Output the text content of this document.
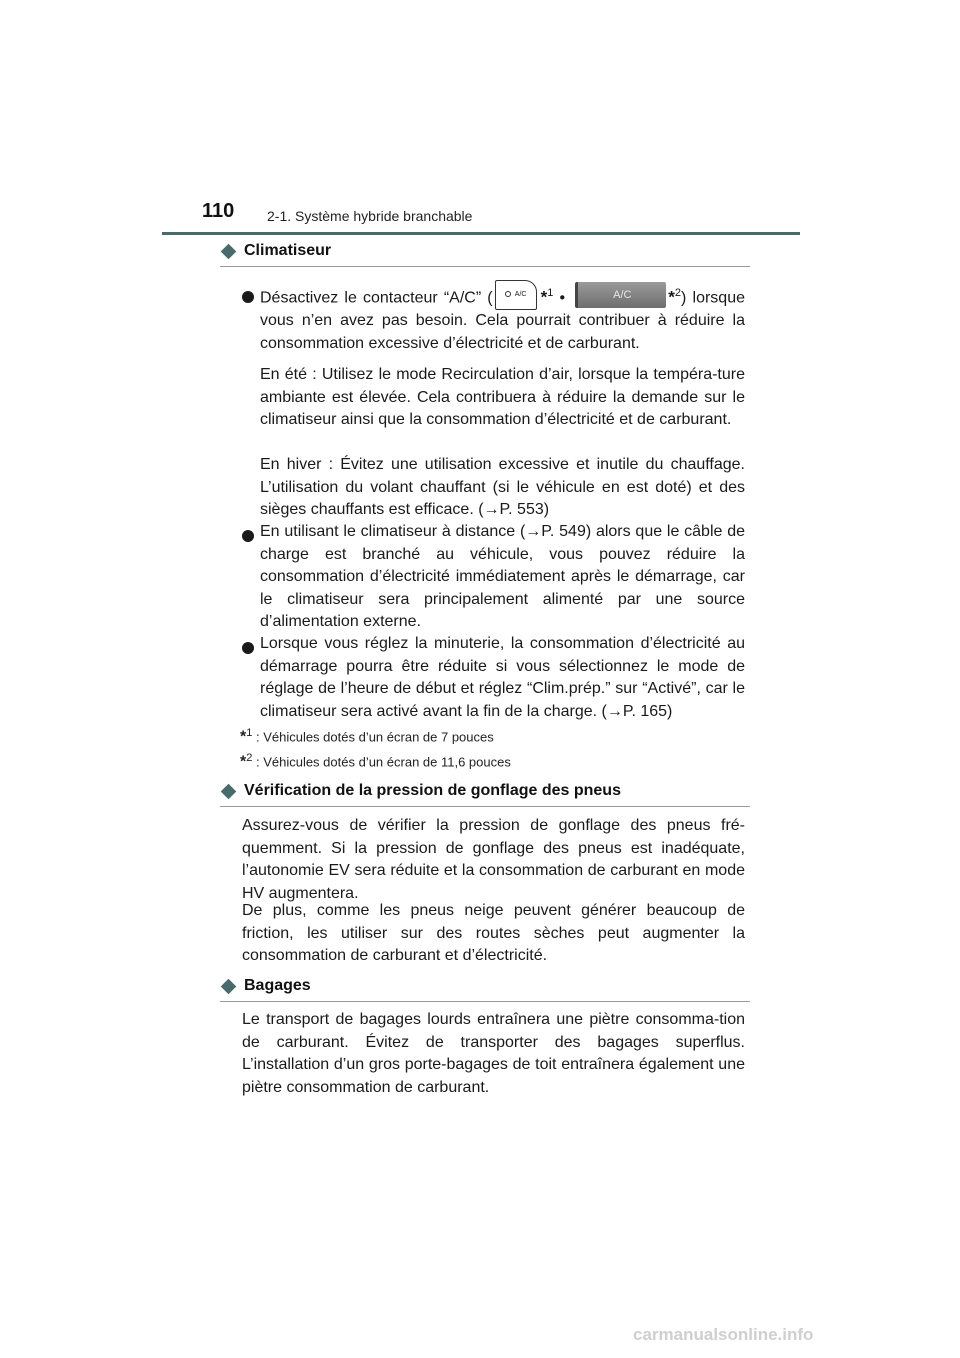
110 2-1. Système hybride branchable
Climatiseur

Désactivez le contacteur “A/C” (	A/C *$^1$ •	A/C *$^2$) lorsque vous n’en avez pas besoin. Cela pourrait contribuer à réduire la consommation excessive d’électricité et de carburant.

En été : Utilisez le mode Recirculation d’air, lorsque la tempéra-ture ambiante est élevée. Cela contribuera à réduire la demande sur le climatiseur ainsi que la consommation d’électricité et de carburant.

En hiver : Évitez une utilisation excessive et inutile du chauffage. L’utilisation du volant chauffant (si le véhicule en est doté) et des sièges chauffants est efficace. (→P. 553)

En utilisant le climatiseur à distance (→P. 549) alors que le câble de charge est branché au véhicule, vous pouvez réduire la consommation d’électricité immédiatement après le démarrage, car le climatiseur sera principalement alimenté par une source d’alimentation externe.

Lorsque vous réglez la minuterie, la consommation d’électricité au démarrage pourra être réduite si vous sélectionnez le mode de réglage de l’heure de début et réglez “Clim.prép.” sur “Activé”, car le climatiseur sera activé avant la fin de la charge. (→P. 165)

*$^1$ : Véhicules dotés d’un écran de 7 pouces
*$^2$ : Véhicules dotés d’un écran de 11,6 pouces
Vérification de la pression de gonflage des pneus

Assurez-vous de vérifier la pression de gonflage des pneus fré-quemment. Si la pression de gonflage des pneus est inadéquate, l’autonomie EV sera réduite et la consommation de carburant en mode HV augmentera.

De plus, comme les pneus neige peuvent générer beaucoup de friction, les utiliser sur des routes sèches peut augmenter la consommation de carburant et d’électricité.

Bagages

Le transport de bagages lourds entraînera une piètre consomma-tion de carburant. Évitez de transporter des bagages superflus. L’installation d’un gros porte-bagages de toit entraînera également une piètre consommation de carburant.

carmanualsonline.info
